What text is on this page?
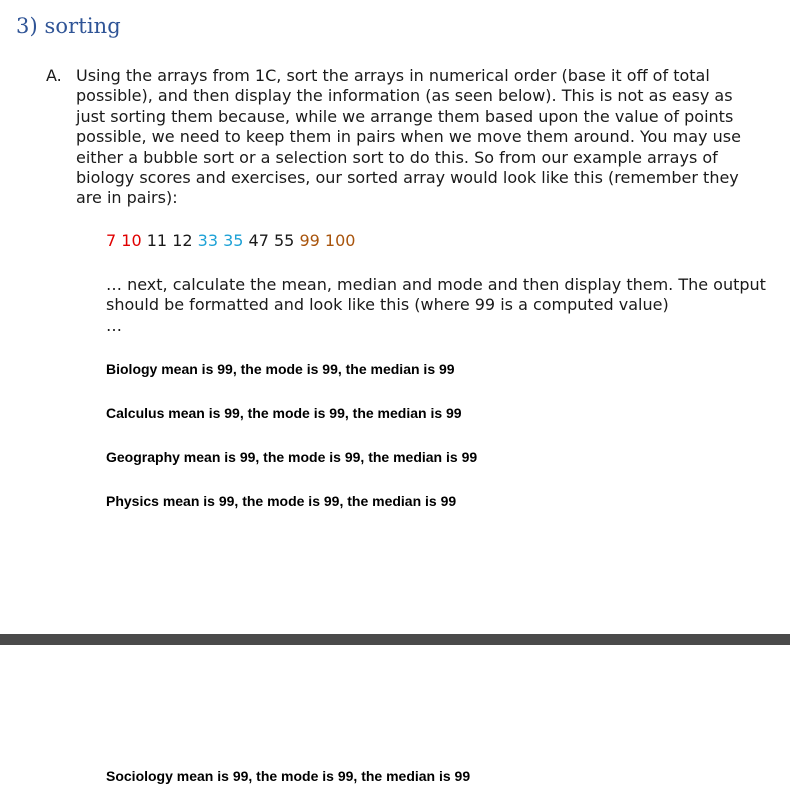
3) sorting
A. Using the arrays from 1C, sort the arrays in numerical order (base it off of total possible), and then display the information (as seen below). This is not as easy as just sorting them because, while we arrange them based upon the value of points possible, we need to keep them in pairs when we move them around. You may use either a bubble sort or a selection sort to do this. So from our example arrays of biology scores and exercises, our sorted array would look like this (remember they are in pairs):

7 10 11 12 33 35 47 55 99 100

… next, calculate the mean, median and mode and then display them. The output should be formatted and look like this (where 99 is a computed value)

…

Biology mean is 99, the mode is 99, the median is 99

Calculus mean is 99, the mode is 99, the median is 99

Geography mean is 99, the mode is 99, the median is 99

Physics mean is 99, the mode is 99, the median is 99

Sociology mean is 99, the mode is 99, the median is 99
